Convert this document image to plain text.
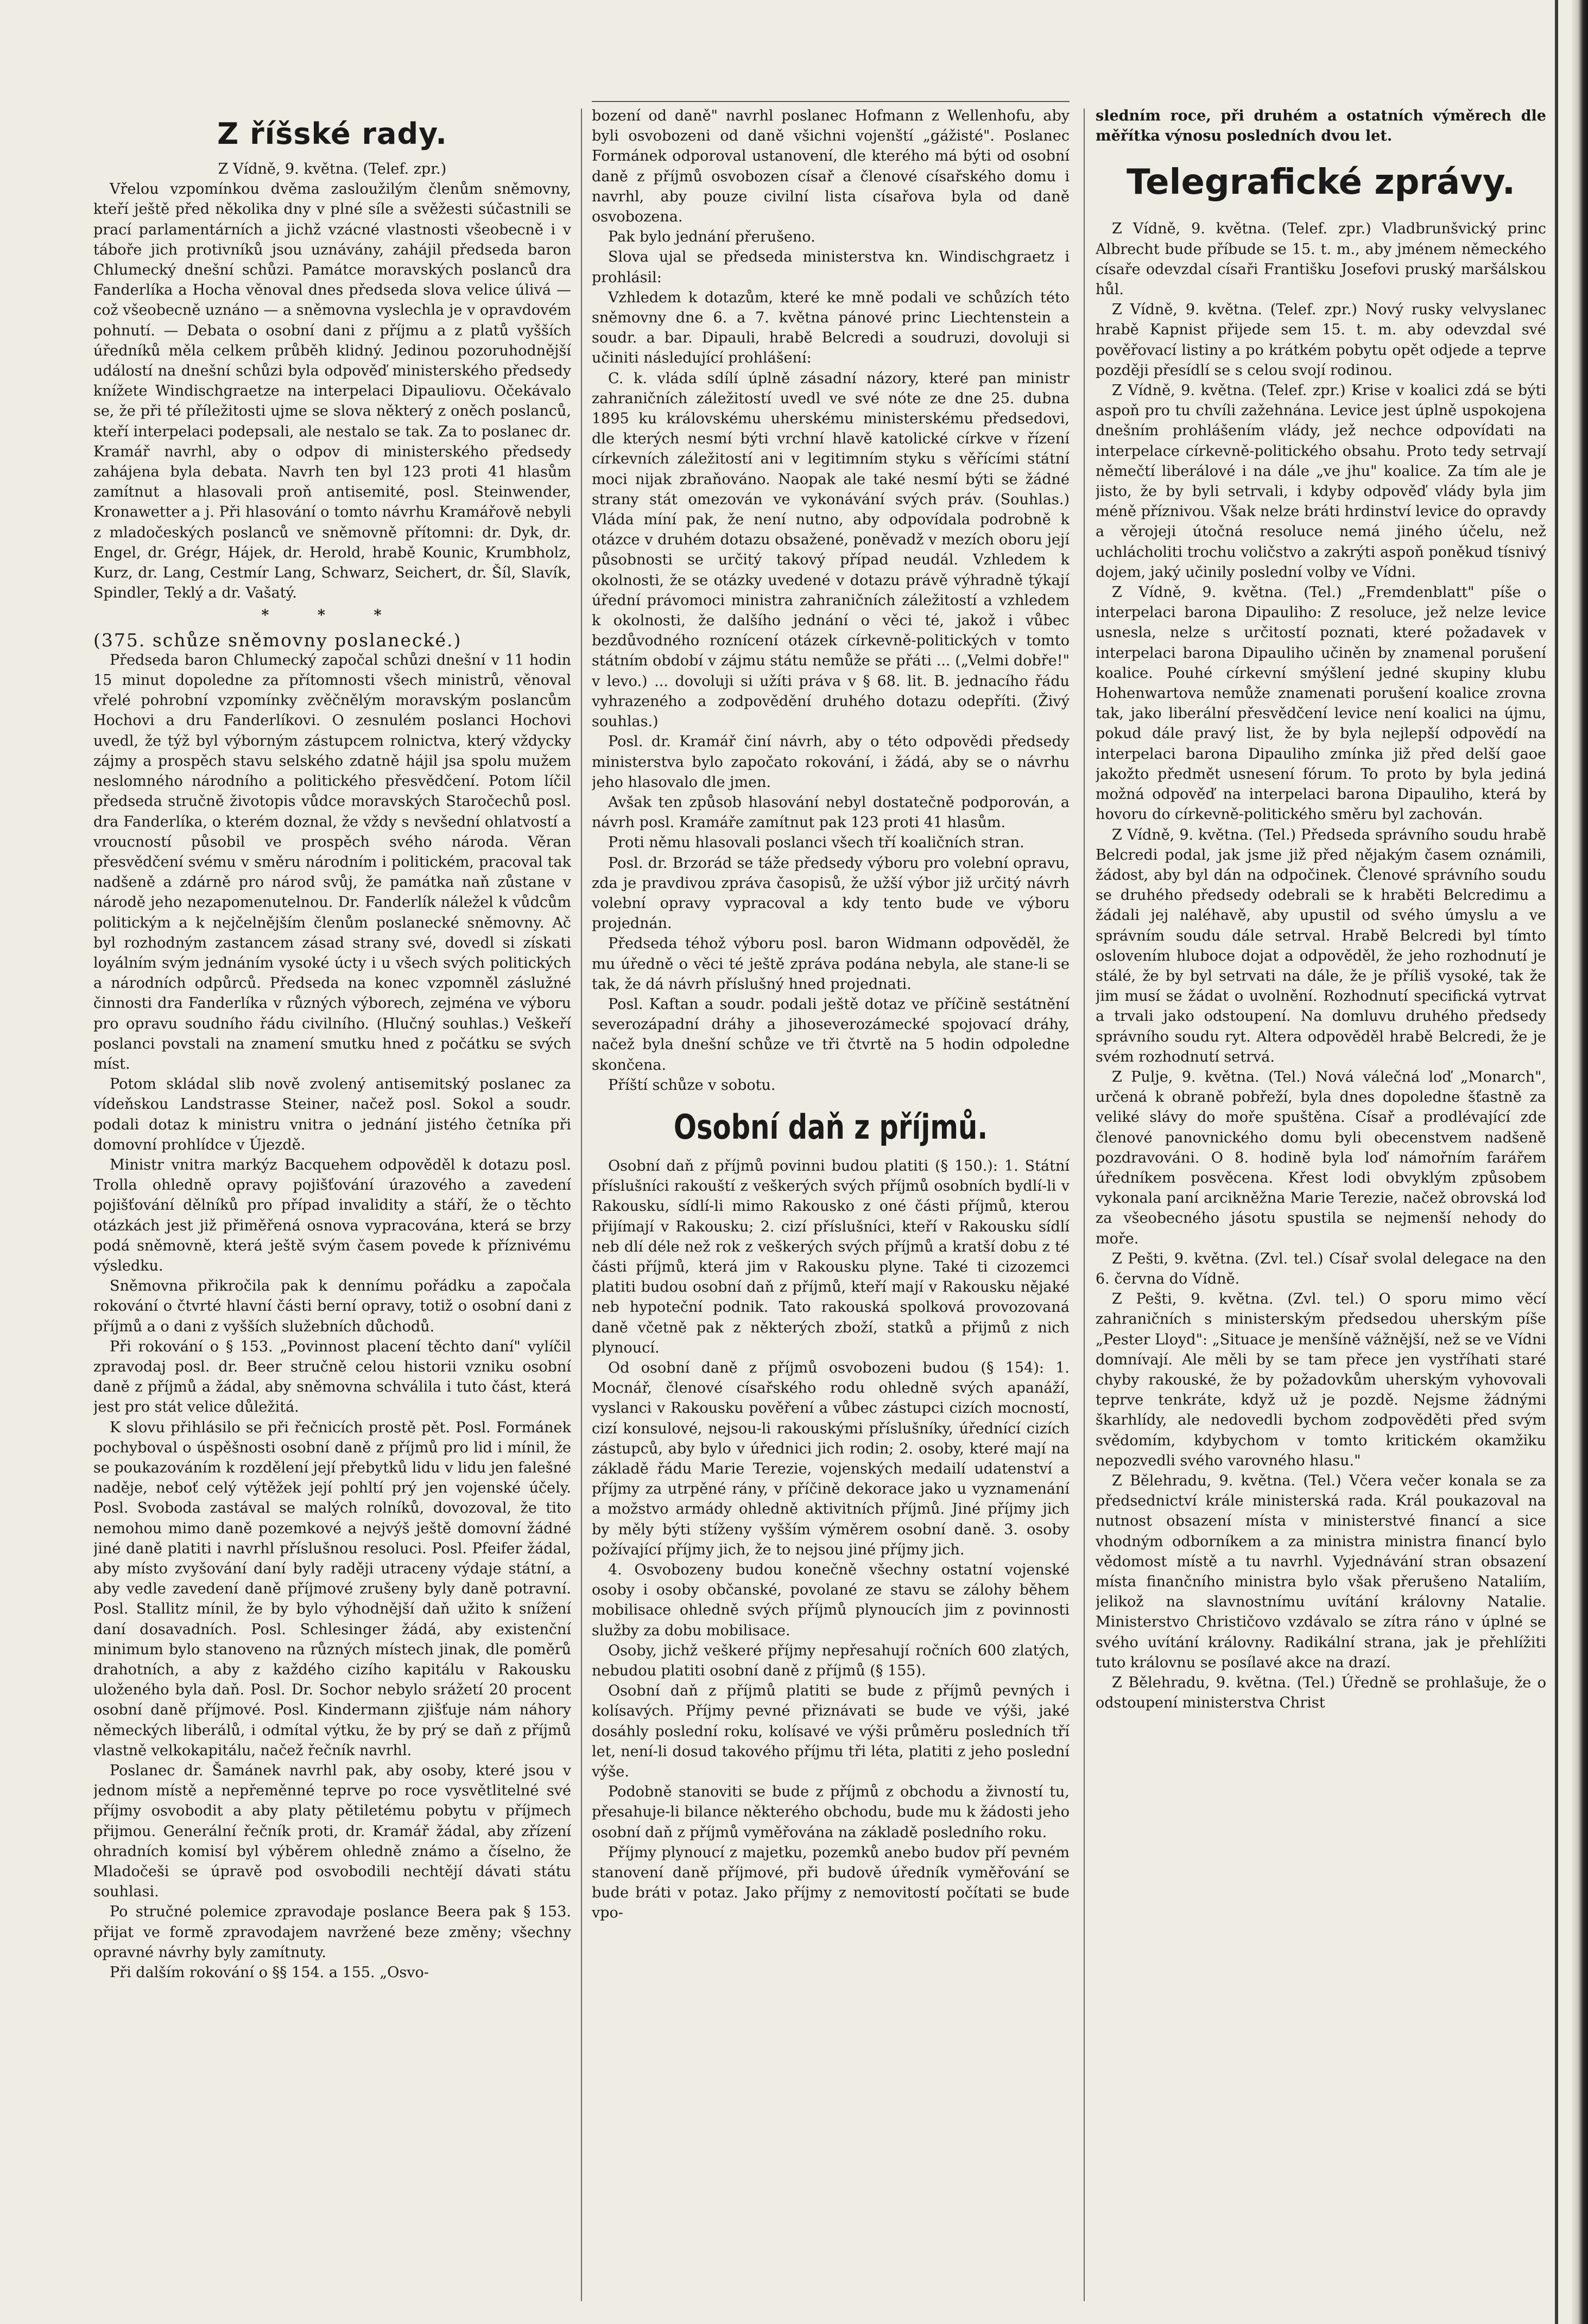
Z říšské rady.

Z Vídně, 9. května. (Telef. zpr.)

Vřelou vzpomínkou dvěma zasloužilým členům sněmovny, kteří ještě před několika dny v plné síle a svěžesti súčastnili se prací parlamentárních a jichž vzácné vlastnosti všeobecně i v táboře jich protivníků jsou uznávány, zahájil předseda baron Chlumecký dnešní schůzi. Památce moravských poslanců dra Fanderlíka a Hocha věnoval dnes předseda slova velice úlivá — což všeobecně uznáno — a sněmovna vyslechla je v opravdovém pohnutí. — Debata o osobní dani z příjmu a z platů vyšších úředníků měla celkem průběh klidný. Jedinou pozoruhodnější událostí na dnešní schůzi byla odpověď ministerského předsedy knížete Windischgraetze na interpelaci Dipauliovu. Očekávalo se, že při té příležitosti ujme se slova některý z oněch poslanců, kteří interpelaci podepsali, ale nestalo se tak. Za to poslanec dr. Kramář navrhl, aby o odpov di ministerského předsedy zahájena byla debata. Navrh ten byl 123 proti 41 hlasům zamítnut a hlasovali proň antisemité, posl. Steinwender, Kronawetter a j. Při hlasování o tomto návrhu Kramářově nebyli z mladočeských poslanců ve sněmovně přítomni: dr. Dyk, dr. Engel, dr. Grégr, Hájek, dr. Herold, hrabě Kounic, Krumbholz, Kurz, dr. Lang, Cestmír Lang, Schwarz, Seichert, dr. Šíl, Slavík, Spindler, Teklý a dr. Vašatý.

* * *

(375. schůze sněmovny poslanecké.)

Předseda baron Chlumecký započal schůzi dnešní v 11 hodin 15 minut dopoledne za přítomnosti všech ministrů, věnoval vřelé pohrobní vzpomínky zvěčnělým moravským poslancům Hochovi a dru Fanderlíkovi. O zesnulém poslanci Hochovi uvedl, že týž byl výborným zástupcem rolnictva, který vždycky zájmy a prospěch stavu selského zdatně hájil jsa spolu mužem neslomného národního a politického přesvědčení. Potom líčil předseda stručně životopis vůdce moravských Staročechů posl. dra Fanderlíka, o kterém doznal, že vždy s nevšední ohlatvostí a vroucností působil ve prospěch svého národa. Věran přesvědčení svému v směru národním i politickém, pracoval tak nadšeně a zdárně pro národ svůj, že památka naň zůstane v národě jeho nezapomenutelnou. Dr. Fanderlík náležel k vůdcům politickým a k nejčelnějším členům poslanecké sněmovny. Ač byl rozhodným zastancem zásad strany své, dovedl si získati loyálním svým jednáním vysoké úcty i u všech svých politických a národních odpůrců. Předseda na konec vzpomněl záslužné činnosti dra Fanderlíka v různých výborech, zejména ve výboru pro opravu soudního řádu civilního. (Hlučný souhlas.) Veškeří poslanci povstali na znamení smutku hned z počátku se svých míst.

Potom skládal slib nově zvolený antisemitský poslanec za vídeňskou Landstrasse Steiner, načež posl. Sokol a soudr. podali dotaz k ministru vnitra o jednání jistého četníka při domovní prohlídce v Újezdě.

Ministr vnitra markýz Bacquehem odpověděl k dotazu posl. Trolla ohledně opravy pojišťování úrazového a zavedení pojišťování dělníků pro případ invalidity a stáří, že o těchto otázkách jest již přiměřená osnova vypracována, která se brzy podá sněmovně, která ještě svým časem povede k příznivému výsledku.

Sněmovna přikročila pak k dennímu pořádku a započala rokování o čtvrté hlavní části berní opravy, totiž o osobní dani z příjmů a o dani z vyšších služebních důchodů.

Při rokování o § 153. „Povinnost placení těchto daní" vylíčil zpravodaj posl. dr. Beer stručně celou historii vzniku osobní daně z příjmů a žádal, aby sněmovna schválila i tuto část, která jest pro stát velice důležitá.

K slovu přihlásilo se při řečnicích prostě pět. Posl. Formánek pochyboval o úspěšnosti osobní daně z příjmů pro lid i mínil, že se poukazováním k rozdělení její přebytků lidu v lidu jen falešné naděje, neboť celý výtěžek její pohltí prý jen vojenské účely. Posl. Svoboda zastával se malých rolníků, dovozoval, že tito nemohou mimo daně pozemkové a nejvýš ještě domovní žádné jiné daně platiti i navrhl příslušnou resoluci. Posl. Pfeifer žádal, aby místo zvyšování daní byly raději utraceny výdaje státní, a aby vedle zavedení daně příjmové zrušeny byly daně potravní. Posl. Stallitz mínil, že by bylo výhodnější daň užito k snížení daní dosavadních. Posl. Schlesinger žádá, aby existenční minimum bylo stanoveno na různých místech jinak, dle poměrů drahotních, a aby z každého cizího kapitálu v Rakousku uloženého byla daň. Posl. Dr. Sochor nebylo srážetí 20 procent osobní daně příjmové. Posl. Kindermann zjišťuje nám náhory německých liberálů, i odmítal výtku, že by prý se daň z příjmů vlastně velkokapitálu, načež řečník navrhl.

Poslanec dr. Šamánek navrhl pak, aby osoby, které jsou v jednom místě a nepřeměnné teprve po roce vysvětlitelné své příjmy osvobodit a aby platy pětiletému pobytu v příjmech přijmou. Generální řečník proti, dr. Kramář žádal, aby zřízení ohradních komisí byl výběrem ohledně známo a číselno, že Mladočeši se úpravě pod osvobodili nechtějí dávati státu souhlasi.

Po stručné polemice zpravodaje poslance Beera pak § 153. přijat ve formě zpravodajem navržené beze změny; všechny opravné návrhy byly zamítnuty.

Při dalším rokování o §§ 154. a 155. „Osvo-

bození od daně" navrhl poslanec Hofmann z Wellenhofu, aby byli osvobozeni od daně všichni vojenští „gážisté". Poslanec Formánek odporoval ustanovení, dle kterého má býti od osobní daně z příjmů osvobozen císař a členové císařského domu i navrhl, aby pouze civilní lista císařova byla od daně osvobozena.

Pak bylo jednání přerušeno.

Slova ujal se předseda ministerstva kn. Windischgraetz i prohlásil:

Vzhledem k dotazům, které ke mně podali ve schůzích této sněmovny dne 6. a 7. května pánové princ Liechtenstein a soudr. a bar. Dipauli, hrabě Belcredi a soudruzi, dovoluji si učiniti následující prohlášení:

C. k. vláda sdílí úplně zásadní názory, které pan ministr zahraničních záležitostí uvedl ve své nóte ze dne 25. dubna 1895 ku královskému uherskému ministerskému předsedovi, dle kterých nesmí býti vrchní hlavě katolické církve v řízení církevních záležitostí ani v legitimním styku s věřícími státní moci nijak zbraňováno. Naopak ale také nesmí býti se žádné strany stát omezován ve vykonávání svých práv. (Souhlas.) Vláda míní pak, že není nutno, aby odpovídala podrobně k otázce v druhém dotazu obsažené, poněvadž v mezích oboru její působnosti se určitý takový případ neudál. Vzhledem k okolnosti, že se otázky uvedené v dotazu právě výhradně týkají úřední právomoci ministra zahraničních záležitostí a vzhledem k okolnosti, že dalšího jednání o věci té, jakož i vůbec bezdůvodného roznícení otázek církevně-politických v tomto státním období v zájmu státu nemůže se přáti ... („Velmi dobře!" v levo.) ... dovoluji si užíti práva v § 68. lit. B. jednacího řádu vyhrazeného a zodpovědění druhého dotazu odepříti. (Živý souhlas.)

Posl. dr. Kramář činí návrh, aby o této odpovědi předsedy ministerstva bylo započato rokování, i žádá, aby se o návrhu jeho hlasovalo dle jmen.

Avšak ten způsob hlasování nebyl dostatečně podporován, a návrh posl. Kramáře zamítnut pak 123 proti 41 hlasům.

Proti němu hlasovali poslanci všech tří koaličních stran.

Posl. dr. Brzorád se táže předsedy výboru pro volební opravu, zda je pravdivou zpráva časopisů, že užší výbor již určitý návrh volební opravy vypracoval a kdy tento bude ve výboru projednán.

Předseda téhož výboru posl. baron Widmann odpověděl, že mu úředně o věci té ještě zpráva podána nebyla, ale stane-li se tak, že dá návrh příslušný hned projednati.

Posl. Kaftan a soudr. podali ještě dotaz ve příčině sestátnění severozápadní dráhy a jihoseverozámecké spojovací dráhy, načež byla dnešní schůze ve tři čtvrtě na 5 hodin odpoledne skončena.

Příští schůze v sobotu.

Osobní daň z příjmů.

Osobní daň z příjmů povinni budou platiti (§ 150.): 1. Státní příslušníci rakouští z veškerých svých příjmů osobních bydlí-li v Rakousku, sídlí-li mimo Rakousko z oné části příjmů, kterou přijímají v Rakousku; 2. cizí příslušníci, kteří v Rakousku sídlí neb dlí déle než rok z veškerých svých příjmů a kratší dobu z té části příjmů, která jim v Rakousku plyne. Také ti cizozemci platiti budou osobní daň z příjmů, kteří mají v Rakousku nějaké neb hypoteční podnik. Tato rakouská spolková provozovaná daně včetně pak z některých zboží, statků a přijmů z nich plynoucí.

Od osobní daně z příjmů osvobozeni budou (§ 154): 1. Mocnář, členové císařského rodu ohledně svých apanáží, vyslanci v Rakousku pověření a vůbec zástupci cizích mocností, cizí konsulové, nejsou-li rakouskými příslušníky, úřednící cizích zástupců, aby bylo v úřednici jich rodin; 2. osoby, které mají na základě řádu Marie Terezie, vojenských medailí udatenství a příjmy za utrpěné rány, v příčině dekorace jako u vyznamenání a možstvo armády ohledně aktivitních příjmů. Jiné příjmy jich by měly býti stíženy vyšším výměrem osobní daně. 3. osoby požívající příjmy jich, že to nejsou jiné příjmy jich.

4. Osvobozeny budou konečně všechny ostatní vojenské osoby i osoby občanské, povolané ze stavu se zálohy během mobilisace ohledně svých příjmů plynoucích jim z povinnosti služby za dobu mobilisace.

Osoby, jichž veškeré příjmy nepřesahují ročních 600 zlatých, nebudou platiti osobní daně z příjmů (§ 155).

Osobní daň z příjmů platiti se bude z příjmů pevných i kolísavých. Příjmy pevné přiznávati se bude ve výši, jaké dosáhly poslední roku, kolísavé ve výši průměru posledních tří let, není-li dosud takového příjmu tři léta, platiti z jeho poslední výše.

Podobně stanoviti se bude z příjmů z obchodu a živností tu, přesahuje-li bilance některého obchodu, bude mu k žádosti jeho osobní daň z příjmů vyměřována na základě posledního roku.

Příjmy plynoucí z majetku, pozemků anebo budov pří pevném stanovení daně příjmové, při budově úředník vyměřování se bude bráti v potaz. Jako příjmy z nemovitostí počítati se bude vpo-

sledním roce, při druhém a ostatních výměrech dle měřítka výnosu posledních dvou let.

Telegrafické zprávy.

Z Vídně, 9. května. (Telef. zpr.) Vladbrunšvický princ Albrecht bude příbude se 15. t. m., aby jménem německého císaře odevzdal císaři Františku Josefovi pruský maršálskou hůl.

Z Vídně, 9. května. (Telef. zpr.) Nový rusky velvyslanec hrabě Kapnist přijede sem 15. t. m. aby odevzdal své pověřovací listiny a po krátkém pobytu opět odjede a teprve později přesídlí se s celou svojí rodinou.

Z Vídně, 9. května. (Telef. zpr.) Krise v koalici zdá se býti aspoň pro tu chvíli zažehnána. Levice jest úplně uspokojena dnešním prohlášením vlády, jež nechce odpovídati na interpelace církevně-politického obsahu. Proto tedy setrvají němečtí liberálové i na dále „ve jhu" koalice. Za tím ale je jisto, že by byli setrvali, i kdyby odpověď vlády byla jim méně příznivou. Však nelze bráti hrdinství levice do opravdy a věrojeji útočná resoluce nemá jiného účelu, než uchlácholiti trochu voličstvo a zakrýti aspoň poněkud tísnivý dojem, jaký učinily poslední volby ve Vídni.

Z Vídně, 9. května. (Tel.) „Fremdenblatt" píše o interpelaci barona Dipauliho: Z resoluce, jež nelze levice usnesla, nelze s určitostí poznati, které požadavek v interpelaci barona Dipauliho učiněn by znamenal porušení koalice. Pouhé církevní smýšlení jedné skupiny klubu Hohenwartova nemůže znamenati porušení koalice zrovna tak, jako liberální přesvědčení levice není koalici na újmu, pokud dále pravý list, že by byla nejlepší odpovědí na interpelaci barona Dipauliho zmínka již před delší gaoe jakožto předmět usnesení fórum. To proto by byla jediná možná odpověď na interpelaci barona Dipauliho, která by hovoru do církevně-politického směru byl zachován.

Z Vídně, 9. května. (Tel.) Předseda správního soudu hrabě Belcredi podal, jak jsme již před nějakým časem oznámili, žádost, aby byl dán na odpočinek. Členové správního soudu se druhého předsedy odebrali se k hraběti Belcredimu a žádali jej naléhavě, aby upustil od svého úmyslu a ve správním soudu dále setrval. Hrabě Belcredi byl tímto oslovením hluboce dojat a odpověděl, že jeho rozhodnutí je stálé, že by byl setrvati na dále, že je příliš vysoké, tak že jim musí se žádat o uvolnění. Rozhodnutí specifická vytrvat a trvali jako odstoupení. Na domluvu druhého předsedy správního soudu ryt. Altera odpověděl hrabě Belcredi, že je svém rozhodnutí setrvá.

Z Pulje, 9. května. (Tel.) Nová válečná loď „Monarch", určená k obraně pobřeží, byla dnes dopoledne šťastně za veliké slávy do moře spuštěna. Císař a prodlévající zde členové panovnického domu byli obecenstvem nadšeně pozdravováni. O 8. hodině byla loď námořním farářem úředníkem posvěcena. Křest lodi obvyklým způsobem vykonala paní arcikněžna Marie Terezie, načež obrovská loď za všeobecného jásotu spustila se nejmenší nehody do moře.

Z Pešti, 9. května. (Zvl. tel.) Císař svolal delegace na den 6. června do Vídně.

Z Pešti, 9. května. (Zvl. tel.) O sporu mimo věcí zahraničních s ministerským předsedou uherským píše „Pester Lloyd": „Situace je menšíně vážnější, než se ve Vídni domnívají. Ale měli by se tam přece jen vystříhati staré chyby rakouské, že by požadovkům uherským vyhovovali teprve tenkráte, když už je pozdě. Nejsme žádnými škarhlídy, ale nedovedli bychom zodpověděti před svým svědomím, kdybychom v tomto kritickém okamžiku nepozvedli svého varovného hlasu."

Z Bělehradu, 9. května. (Tel.) Včera večer konala se za předsednictví krále ministerská rada. Král poukazoval na nutnost obsazení místa v ministerstvé financí a sice vhodným odborníkem a za ministra ministra financí bylo vědomost místě a tu navrhl. Vyjednávání stran obsazení místa finančního ministra bylo však přerušeno Nataliím, jelikož na slavnostnímu uvítání královny Natalie. Ministerstvo Christičovo vzdávalo se zítra ráno v úplné se svého uvítání královny. Radikální strana, jak je přehlížiti tuto královnu se posílavé akce na drazí.

Z Bělehradu, 9. května. (Tel.) Úředně se prohlašuje, že o odstoupení ministerstva Christ
